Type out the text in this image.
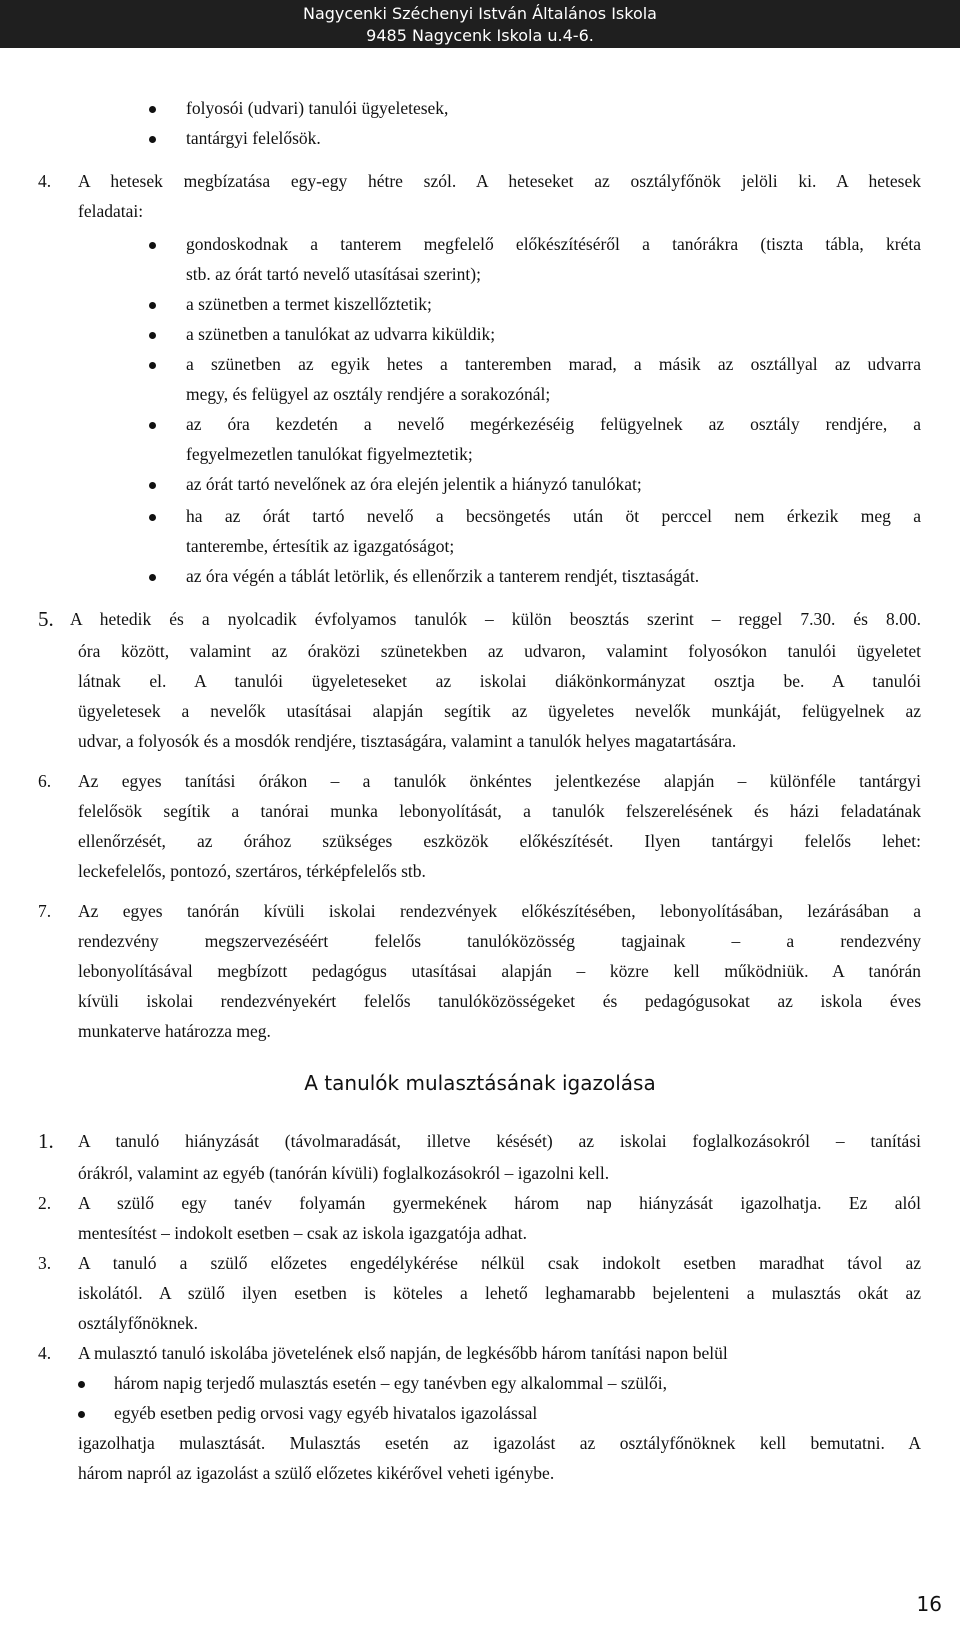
Nagycenki Széchenyi István Általános Iskola
9485 Nagycenk Iskola u.4-6.
folyosói (udvari) tanulói ügyeletesek,
tantárgyi felelősök.
4. A hetesek megbízatása egy-egy hétre szól. A heteseket az osztályfőnök jelöli ki. A hetesek
feladatai:
gondoskodnak a tanterem megfelelő előkészítéséről a tanórákra (tiszta tábla, kréta
stb. az órát tartó nevelő utasításai szerint);
a szünetben a termet kiszellőztetik;
a szünetben a tanulókat az udvarra kiküldik;
a szünetben az egyik hetes a tanteremben marad, a másik az osztállyal az udvarra
megy, és felügyel az osztály rendjére a sorakozónál;
az óra kezdetén a nevelő megérkezéséig felügyelnek az osztály rendjére, a
fegyelmezetlen tanulókat figyelmeztetik;
az órát tartó nevelőnek az óra elején jelentik a hiányzó tanulókat;
ha az órát tartó nevelő a becsöngetés után öt perccel nem érkezik meg a
tanterembe, értesítik az igazgatóságot;
az óra végén a táblát letörlik, és ellenőrzik a tanterem rendjét, tisztaságát.
5. A hetedik és a nyolcadik évfolyamos tanulók – külön beosztás szerint – reggel 7.30. és 8.00.
óra között, valamint az óraközi szünetekben az udvaron, valamint folyosókon tanulói ügyeletet
látnak el. A tanulói ügyeleteseket az iskolai diákönkormányzat osztja be. A tanulói
ügyeletesek a nevelők utasításai alapján segítik az ügyeletes nevelők munkáját, felügyelnek az
udvar, a folyosók és a mosdók rendjére, tisztaságára, valamint a tanulók helyes magatartására.
6. Az egyes tanítási órákon – a tanulók önkéntes jelentkezése alapján – különféle tantárgyi
felelősök segítik a tanórai munka lebonyolítását, a tanulók felszerelésének és házi feladatának
ellenőrzését, az órához szükséges eszközök előkészítését. Ilyen tantárgyi felelős lehet:
leckefelelős, pontozó, szertáros, térképfelelős stb.
7. Az egyes tanórán kívüli iskolai rendezvények előkészítésében, lebonyolításában, lezárásában a
rendezvény megszervezéséért felelős tanulóközösség tagjainak – a rendezvény
lebonyolításával megbízott pedagógus utasításai alapján – közre kell működniük. A tanórán
kívüli iskolai rendezvényekért felelős tanulóközösségeket és pedagógusokat az iskola éves
munkaterve határozza meg.
A tanulók mulasztásának igazolása
1. A tanuló hiányzását (távolmaradását, illetve késését) az iskolai foglalkozásokról – tanítási
órákról, valamint az egyéb (tanórán kívüli) foglalkozásokról – igazolni kell.
2. A szülő egy tanév folyamán gyermekének három nap hiányzását igazolhatja. Ez alól
mentesítést – indokolt esetben – csak az iskola igazgatója adhat.
3. A tanuló a szülő előzetes engedélykérése nélkül csak indokolt esetben maradhat távol az
iskolától. A szülő ilyen esetben is köteles a lehető leghamarabb bejelenteni a mulasztás okát az
osztályfőnöknek.
4. A mulasztó tanuló iskolába jövetelének első napján, de legkésőbb három tanítási napon belül
három napig terjedő mulasztás esetén – egy tanévben egy alkalommal – szülői,
egyéb esetben pedig orvosi vagy egyéb hivatalos igazolással
igazolhatja mulasztását. Mulasztás esetén az igazolást az osztályfőnöknek kell bemutatni. A
három napról az igazolást a szülő előzetes kikérővel veheti igénybe.
16
